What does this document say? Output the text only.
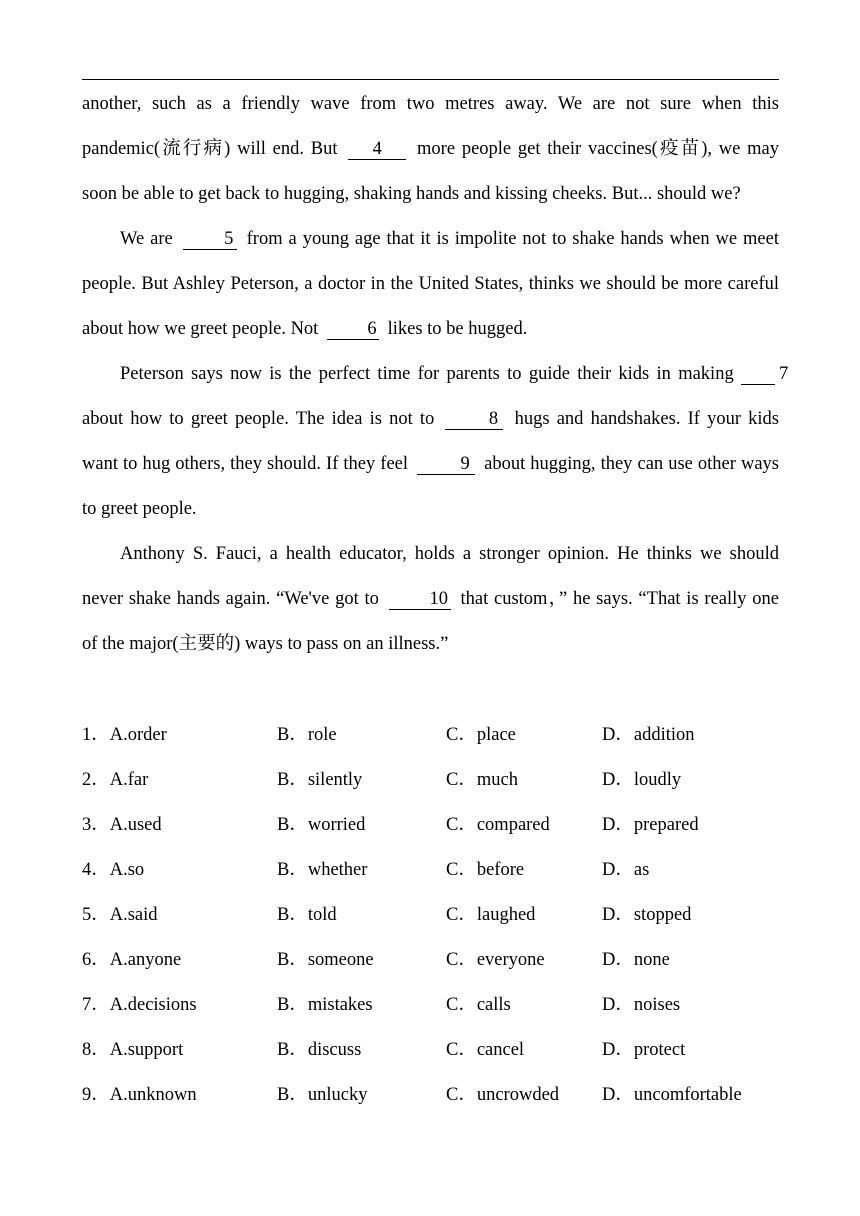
another, such as a friendly wave from two metres away. We are not sure when this pandemic(流行病) will end. But 4 more people get their vaccines(疫苗), we may soon be able to get back to hugging, shaking hands and kissing cheeks. But... should we?

We are	5 from a young age that it is impolite not to shake hands when we meet people. But Ashley Peterson, a doctor in the United States, thinks we should be more careful about how we greet people. Not	6 likes to be hugged.

Peterson says now is the perfect time for parents to guide their kids in making 7 about how to greet people. The idea is not to	8 hugs and handshakes. If your kids want to hug others, they should. If they feel	9 about hugging, they can use other ways to greet people.

Anthony S. Fauci, a health educator, holds a stronger opinion. He thinks we should never shake hands again. “We've got to	10 that custom，” he says. “That is really one of the major(主要的) ways to pass on an illness.”

1．A.order	B．role	C．place	D．addition
2．A.far	B．silently	C．much	D．loudly
3．A.used	B．worried	C．compared	D．prepared
4．A.so	B．whether	C．before	D．as
5．A.said	B．told	C．laughed	D．stopped
6．A.anyone	B．someone	C．everyone	D．none
7．A.decisions	B．mistakes	C．calls	D．noises
8．A.support	B．discuss	C．cancel	D．protect
9．A.unknown	B．unlucky	C．uncrowded D．uncomfortable
